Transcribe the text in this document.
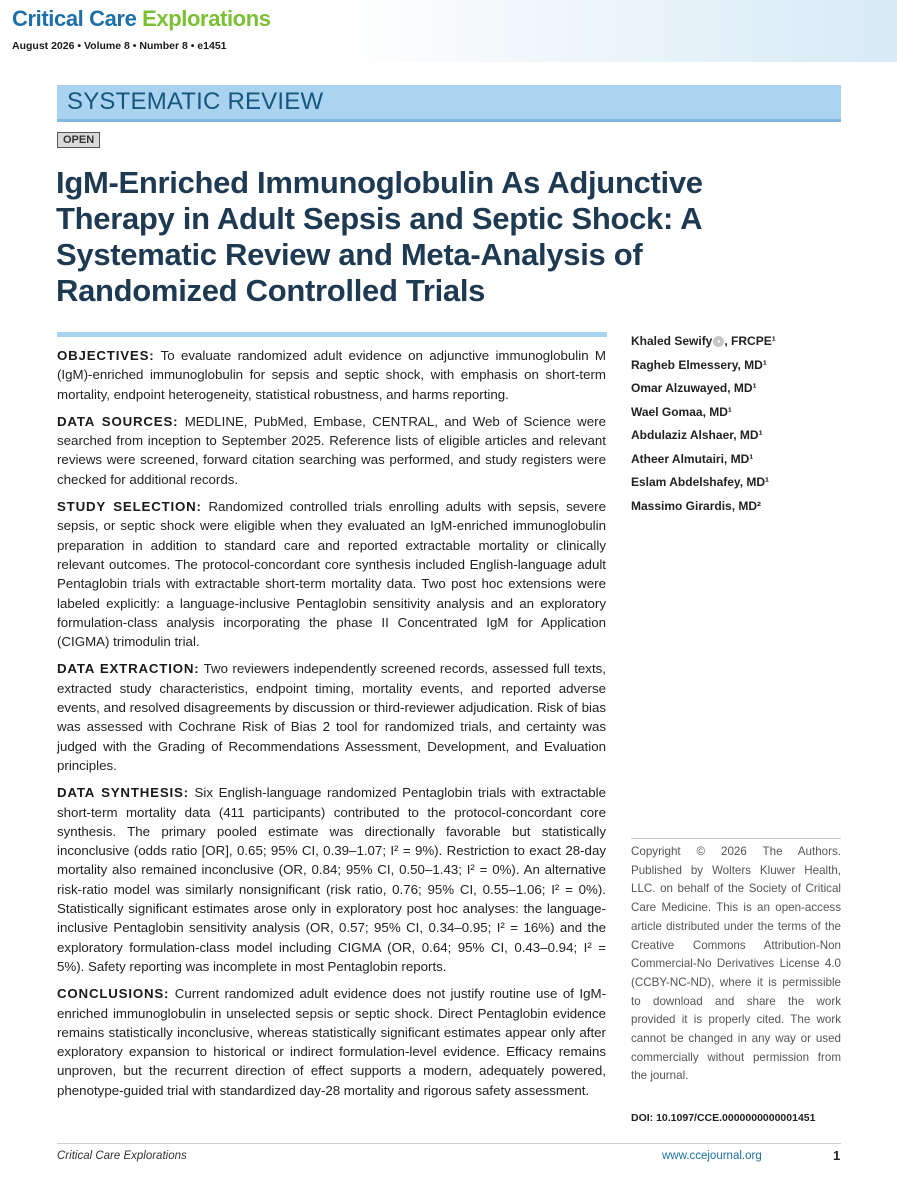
Critical Care Explorations
August 2026 • Volume 8 • Number 8 • e1451
SYSTEMATIC REVIEW
OPEN
IgM-Enriched Immunoglobulin As Adjunctive Therapy in Adult Sepsis and Septic Shock: A Systematic Review and Meta-Analysis of Randomized Controlled Trials

OBJECTIVES: To evaluate randomized adult evidence on adjunctive immunoglobulin M (IgM)-enriched immunoglobulin for sepsis and septic shock, with emphasis on short-term mortality, endpoint heterogeneity, statistical robustness, and harms reporting.

DATA SOURCES: MEDLINE, PubMed, Embase, CENTRAL, and Web of Science were searched from inception to September 2025. Reference lists of eligible articles and relevant reviews were screened, forward citation searching was performed, and study registers were checked for additional records.

STUDY SELECTION: Randomized controlled trials enrolling adults with sepsis, severe sepsis, or septic shock were eligible when they evaluated an IgM-enriched immunoglobulin preparation in addition to standard care and reported extractable mortality or clinically relevant outcomes. The protocol-concordant core synthesis included English-language adult Pentaglobin trials with extractable short-term mortality data. Two post hoc extensions were labeled explicitly: a language-inclusive Pentaglobin sensitivity analysis and an exploratory formulation-class analysis incorporating the phase II Concentrated IgM for Application (CIGMA) trimodulin trial.

DATA EXTRACTION: Two reviewers independently screened records, assessed full texts, extracted study characteristics, endpoint timing, mortality events, and reported adverse events, and resolved disagreements by discussion or third-reviewer adjudication. Risk of bias was assessed with Cochrane Risk of Bias 2 tool for randomized trials, and certainty was judged with the Grading of Recommendations Assessment, Development, and Evaluation principles.

DATA SYNTHESIS: Six English-language randomized Pentaglobin trials with extractable short-term mortality data (411 participants) contributed to the protocol-concordant core synthesis. The primary pooled estimate was directionally favorable but statistically inconclusive (odds ratio [OR], 0.65; 95% CI, 0.39–1.07; I² = 9%). Restriction to exact 28-day mortality also remained inconclusive (OR, 0.84; 95% CI, 0.50–1.43; I² = 0%). An alternative risk-ratio model was similarly nonsignificant (risk ratio, 0.76; 95% CI, 0.55–1.06; I² = 0%). Statistically significant estimates arose only in exploratory post hoc analyses: the language-inclusive Pentaglobin sensitivity analysis (OR, 0.57; 95% CI, 0.34–0.95; I² = 16%) and the exploratory formulation-class model including CIGMA (OR, 0.64; 95% CI, 0.43–0.94; I² = 5%). Safety reporting was incomplete in most Pentaglobin reports.

CONCLUSIONS: Current randomized adult evidence does not justify routine use of IgM-enriched immunoglobulin in unselected sepsis or septic shock. Direct Pentaglobin evidence remains statistically inconclusive, whereas statistically significant estimates appear only after exploratory expansion to historical or indirect formulation-level evidence. Efficacy remains unproven, but the recurrent direction of effect supports a modern, adequately powered, phenotype-guided trial with standardized day-28 mortality and rigorous safety assessment.

Khaled Sewify • , FRCPE¹
Ragheb Elmessery, MD¹
Omar Alzuwayed, MD¹
Wael Gomaa, MD¹
Abdulaziz Alshaer, MD¹
Atheer Almutairi, MD¹
Eslam Abdelshafey, MD¹
Massimo Girardis, MD²
Copyright © 2026 The Authors. Published by Wolters Kluwer Health, LLC. on behalf of the Society of Critical Care Medicine. This is an open-access article distributed under the terms of the Creative Commons Attribution-Non Commercial-No Derivatives License 4.0 (CCBY-NC-ND), where it is permissible to download and share the work provided it is properly cited. The work cannot be changed in any way or used commercially without permission from the journal.
DOI: 10.1097/CCE.0000000000001451
Critical Care Explorations	www.ccejournal.org	1
